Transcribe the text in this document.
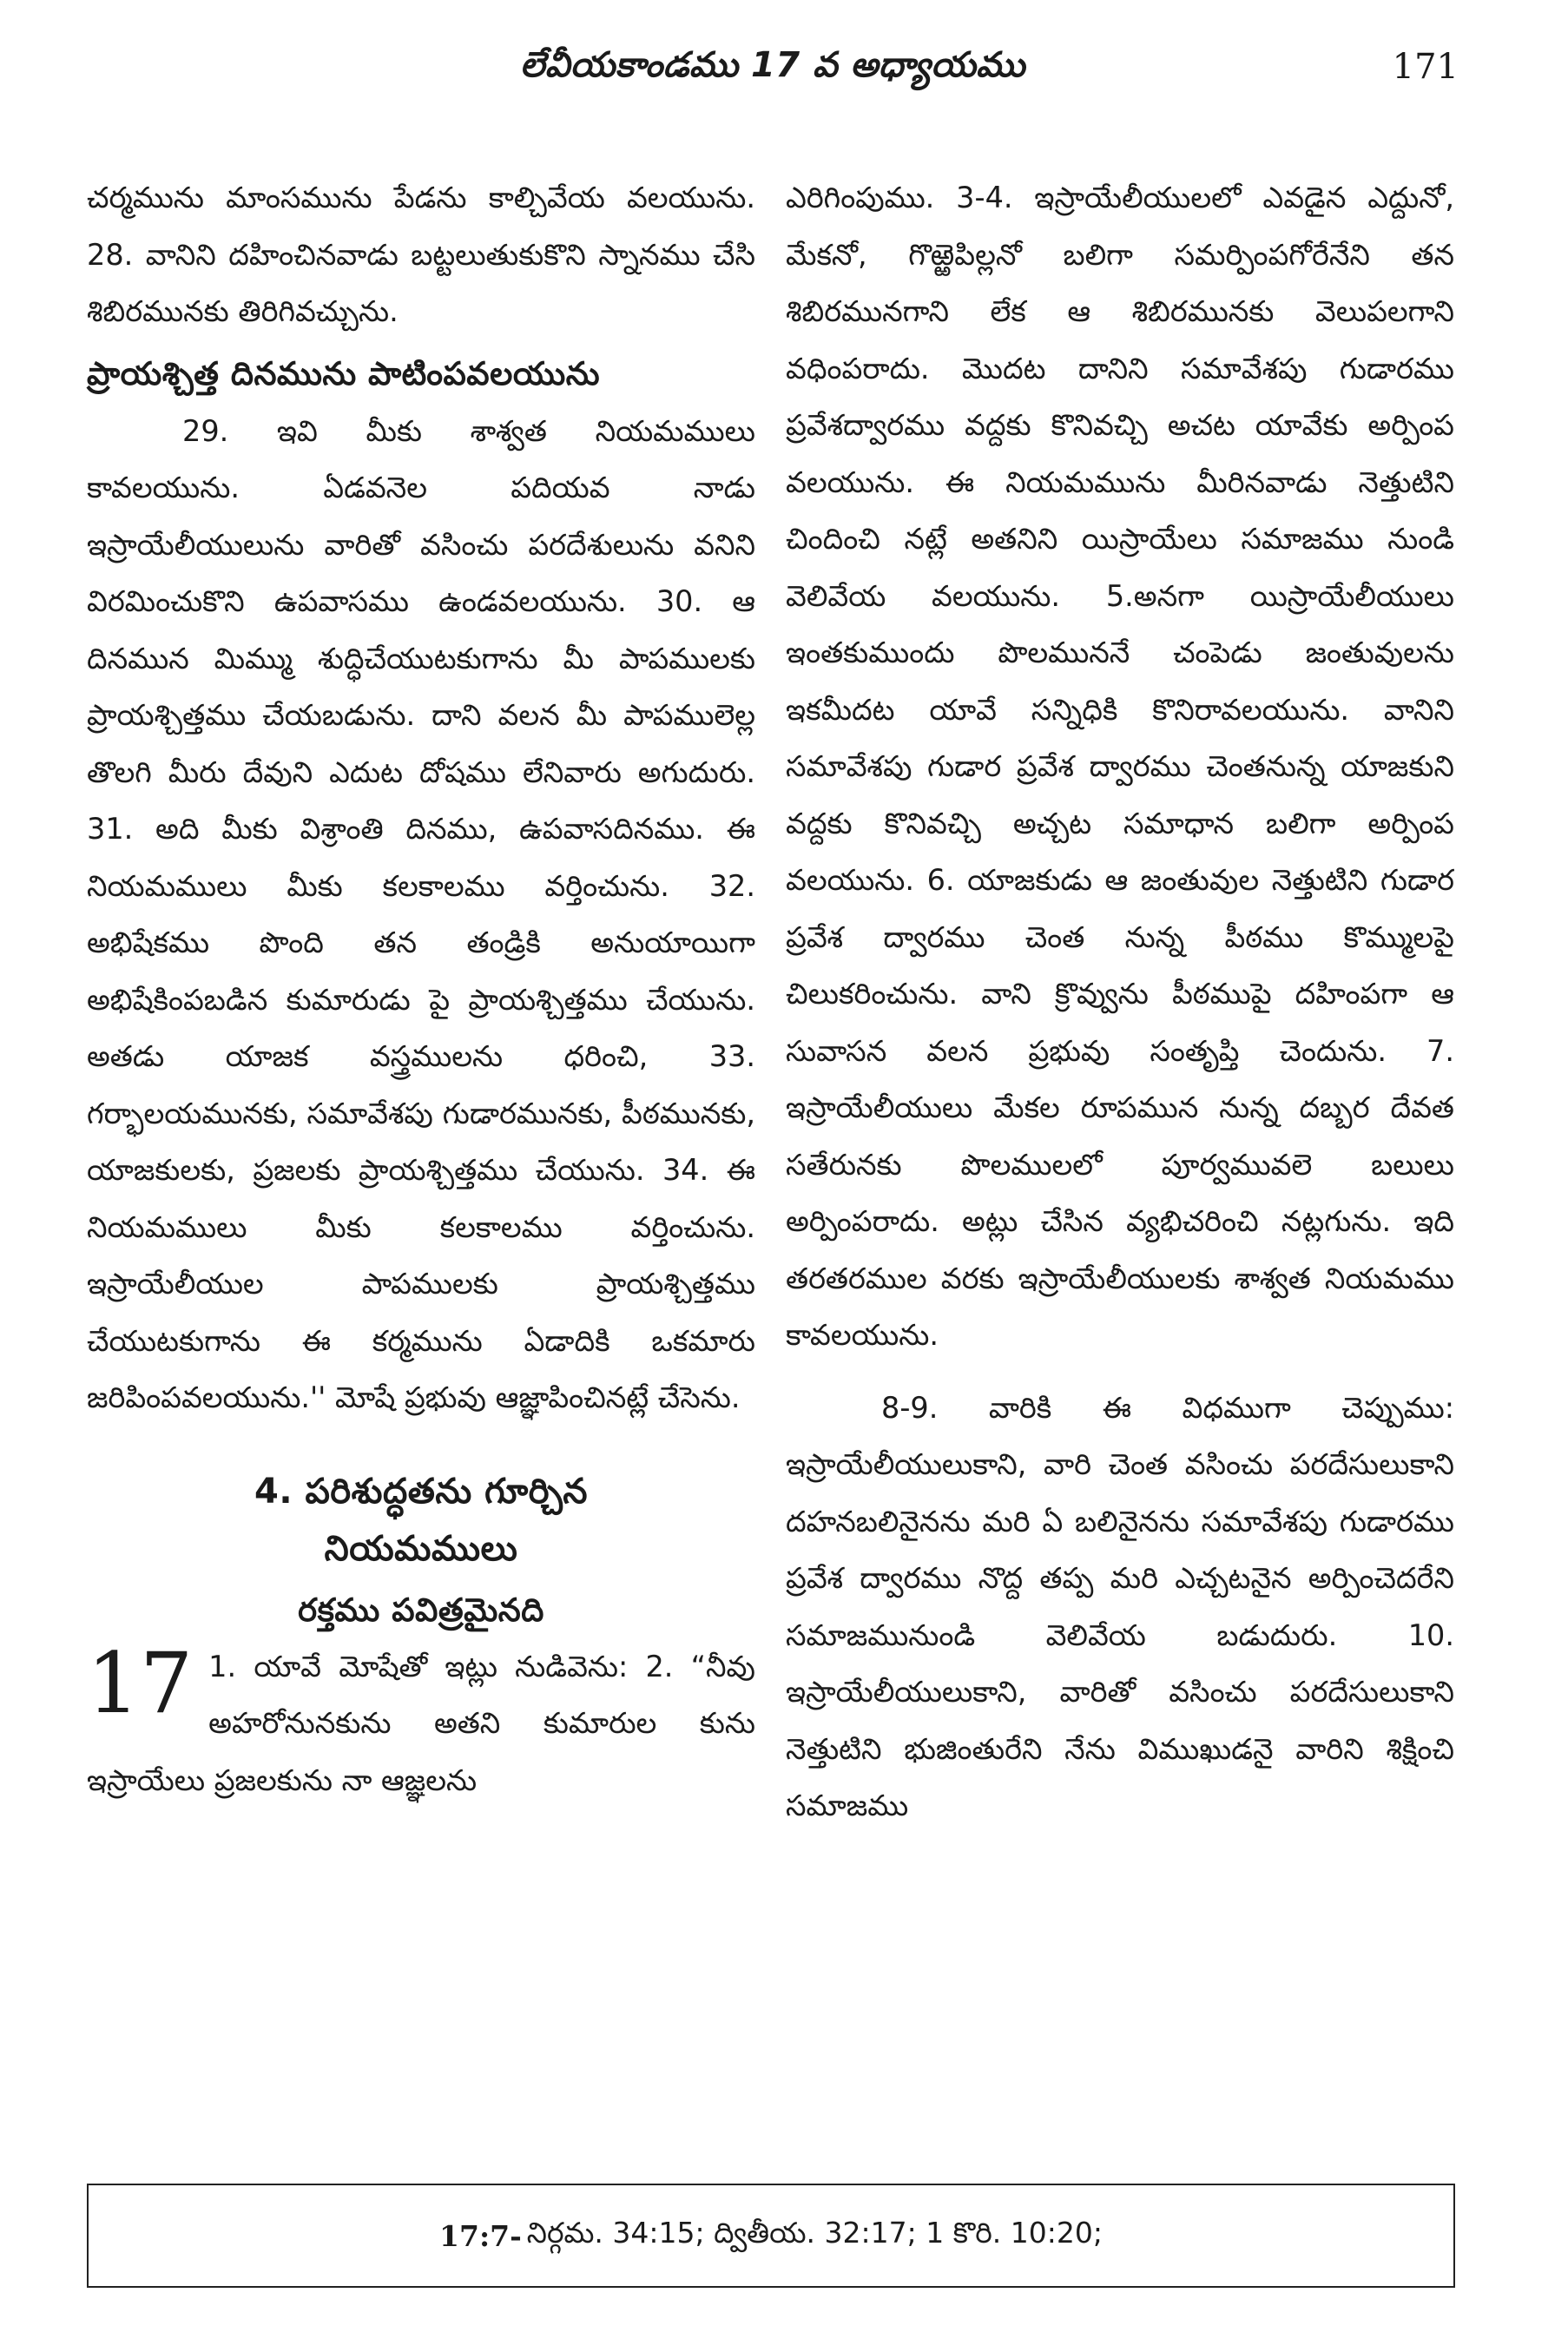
లేవీయకాండము 17 వ అధ్యాయము	171

చర్మమును మాంసమును పేడను కాల్చివేయ వలయును. 28. వానిని దహించినవాడు బట్టలుతుకుకొని స్నానము చేసి శిబిరమునకు తిరిగివచ్చును.

ప్రాయశ్చిత్త దినమును పాటింపవలయును

29. ఇవి మీకు శాశ్వత నియమములు కావలయును. ఏడవనెల పదియవ నాడు ఇస్రాయేలీయులును వారితో వసించు పరదేశులును వనిని విరమించుకొని ఉపవాసము ఉండవలయును. 30. ఆ దినమున మిమ్ము శుద్ధిచేయుటకుగాను మీ పాపములకు ప్రాయశ్చిత్తము చేయబడును. దాని వలన మీ పాపములెల్ల తొలగి మీరు దేవుని ఎదుట దోషము లేనివారు అగుదురు. 31. అది మీకు విశ్రాంతి దినము, ఉపవాసదినము. ఈ నియమములు మీకు కలకాలము వర్తించును. 32. అభిషేకము పొంది తన తండ్రికి అనుయాయిగా అభిషేకింపబడిన కుమారుడు పై ప్రాయశ్చిత్తము చేయును. అతడు యాజక వస్త్రములను ధరించి, 33. గర్భాలయమునకు, సమావేశపు గుడారమునకు, పీఠమునకు, యాజకులకు, ప్రజలకు ప్రాయశ్చిత్తము చేయును. 34. ఈ నియమములు మీకు కలకాలము వర్తించును. ఇస్రాయేలీయుల పాపములకు ప్రాయశ్చిత్తము చేయుటకుగాను ఈ కర్మమును ఏడాదికి ఒకమారు జరిపింపవలయును.'' మోషే ప్రభువు ఆజ్ఞాపించినట్లే చేసెను.

4. పరిశుద్ధతను గూర్చిన
నియమములు
రక్తము పవిత్రమైనది
17 1. యావే మోషేతో ఇట్లు నుడివెను: 2. “నీవు అహరోనునకును అతని కుమారుల కును ఇస్రాయేలు ప్రజలకును నా ఆజ్ఞలను

ఎరిగింపుము. 3-4. ఇస్రాయేలీయులలో ఎవడైన ఎద్దునో, మేకనో, గొఱ్ఱెపిల్లనో బలిగా సమర్పింపగోరేనేని తన శిబిరమునగాని లేక ఆ శిబిరమునకు వెలుపలగాని వధింపరాదు. మొదట దానిని సమావేశపు గుడారము ప్రవేశద్వారము వద్దకు కొనివచ్చి అచట యావేకు అర్పింప వలయును. ఈ నియమమును మీరినవాడు నెత్తుటిని చిందించి నట్లే అతనిని యిస్రాయేలు సమాజము నుండి వెలివేయ వలయును. 5.అనగా యిస్రాయేలీయులు ఇంతకుముందు పొలముననే చంపెడు జంతువులను ఇకమీదట యావే సన్నిధికి కొనిరావలయును. వానిని సమావేశపు గుడార ప్రవేశ ద్వారము చెంతనున్న యాజకుని వద్దకు కొనివచ్చి అచ్చట సమాధాన బలిగా అర్పింప వలయును. 6. యాజకుడు ఆ జంతువుల నెత్తుటిని గుడార ప్రవేశ ద్వారము చెంత నున్న పీఠము కొమ్ములపై చిలుకరించును. వాని క్రొవ్వును పీఠముపై దహింపగా ఆ సువాసన వలన ప్రభువు సంతృప్తి చెందును. 7. ఇస్రాయేలీయులు మేకల రూపమున నున్న దబ్బర దేవత సతేరునకు పొలములలో పూర్వమువలె బలులు అర్పింపరాదు. అట్లు చేసిన వ్యభిచరించి నట్లగును. ఇది తరతరముల వరకు ఇస్రాయేలీయులకు శాశ్వత నియమము కావలయును.

8-9. వారికి ఈ విధముగా చెప్పుము: ఇస్రాయేలీయులుకాని, వారి చెంత వసించు పరదేసులుకాని దహనబలినైనను మరి ఏ బలినైనను సమావేశపు గుడారము ప్రవేశ ద్వారము నొద్ద తప్ప మరి ఎచ్చటనైన అర్పించెదరేని సమాజమునుండి వెలివేయ బడుదురు. 10. ఇస్రాయేలీయులుకాని, వారితో వసించు పరదేసులుకాని నెత్తుటిని భుజింతురేని నేను విముఖుడనై వారిని శిక్షించి సమాజము

17:7- నిర్గమ. 34:15; ద్వితీయ. 32:17; 1 కొరి. 10:20;
